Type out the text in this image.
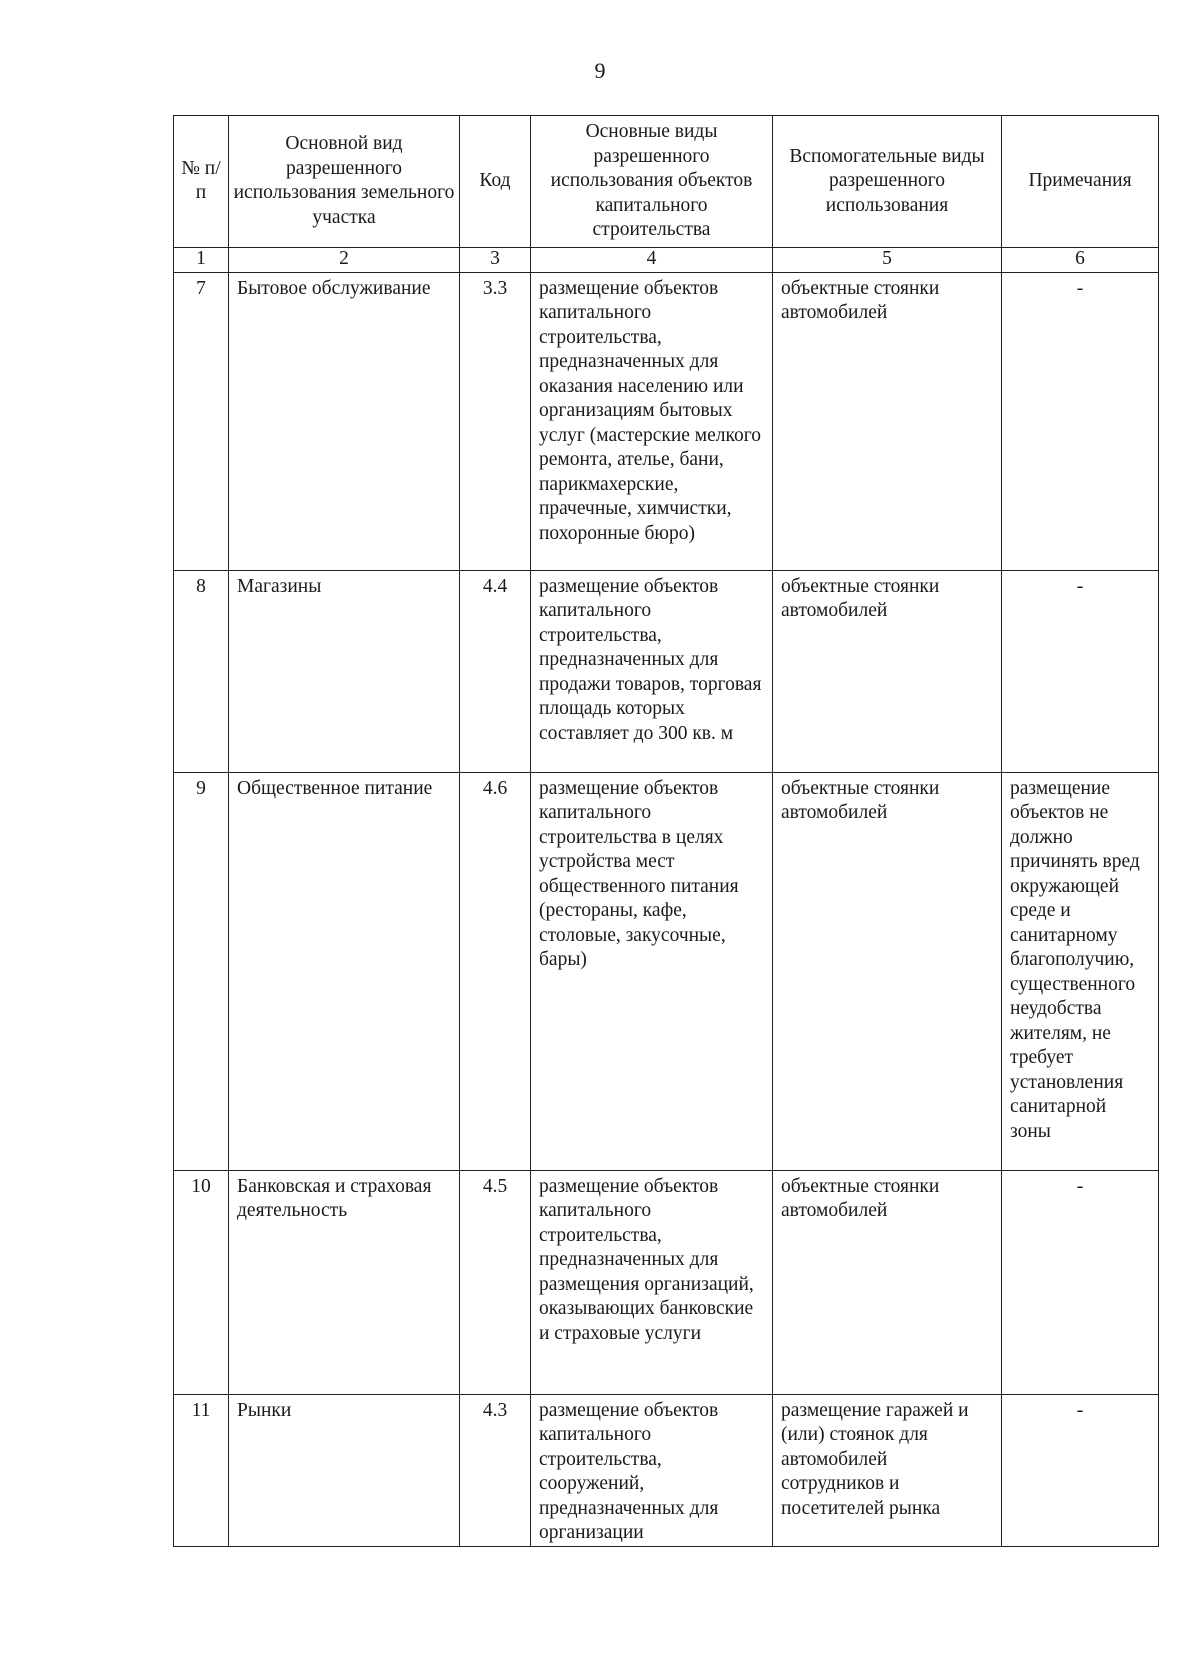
9
№ п/п	Основной вид разрешенного использования земельного участка	Код	Основные виды разрешенного использования объектов капитального строительства	Вспомогательные виды разрешенного использования	Примечания
1	2	3	4	5	6
7	Бытовое обслуживание	3.3	размещение объектов капитального строительства, предназначенных для оказания населению или организациям бытовых услуг (мастерские мелкого ремонта, ателье, бани, парикмахерские, прачечные, химчистки, похоронные бюро)	объектные стоянки автомобилей	-
8	Магазины	4.4	размещение объектов капитального строительства, предназначенных для продажи товаров, торговая площадь которых составляет до 300 кв. м	объектные стоянки автомобилей	-
9	Общественное питание	4.6	размещение объектов капитального строительства в целях устройства мест общественного питания (рестораны, кафе, столовые, закусочные, бары)	объектные стоянки автомобилей	размещение объектов не должно причинять вред окружающей среде и санитарному благополучию, существенного неудобства жителям, не требует установления санитарной зоны
10	Банковская и страховая деятельность	4.5	размещение объектов капитального строительства, предназначенных для размещения организаций, оказывающих банковские и страховые услуги	объектные стоянки автомобилей	-
11	Рынки	4.3	размещение объектов капитального строительства, сооружений, предназначенных для организации	размещение гаражей и (или) стоянок для автомобилей сотрудников и посетителей рынка	-
